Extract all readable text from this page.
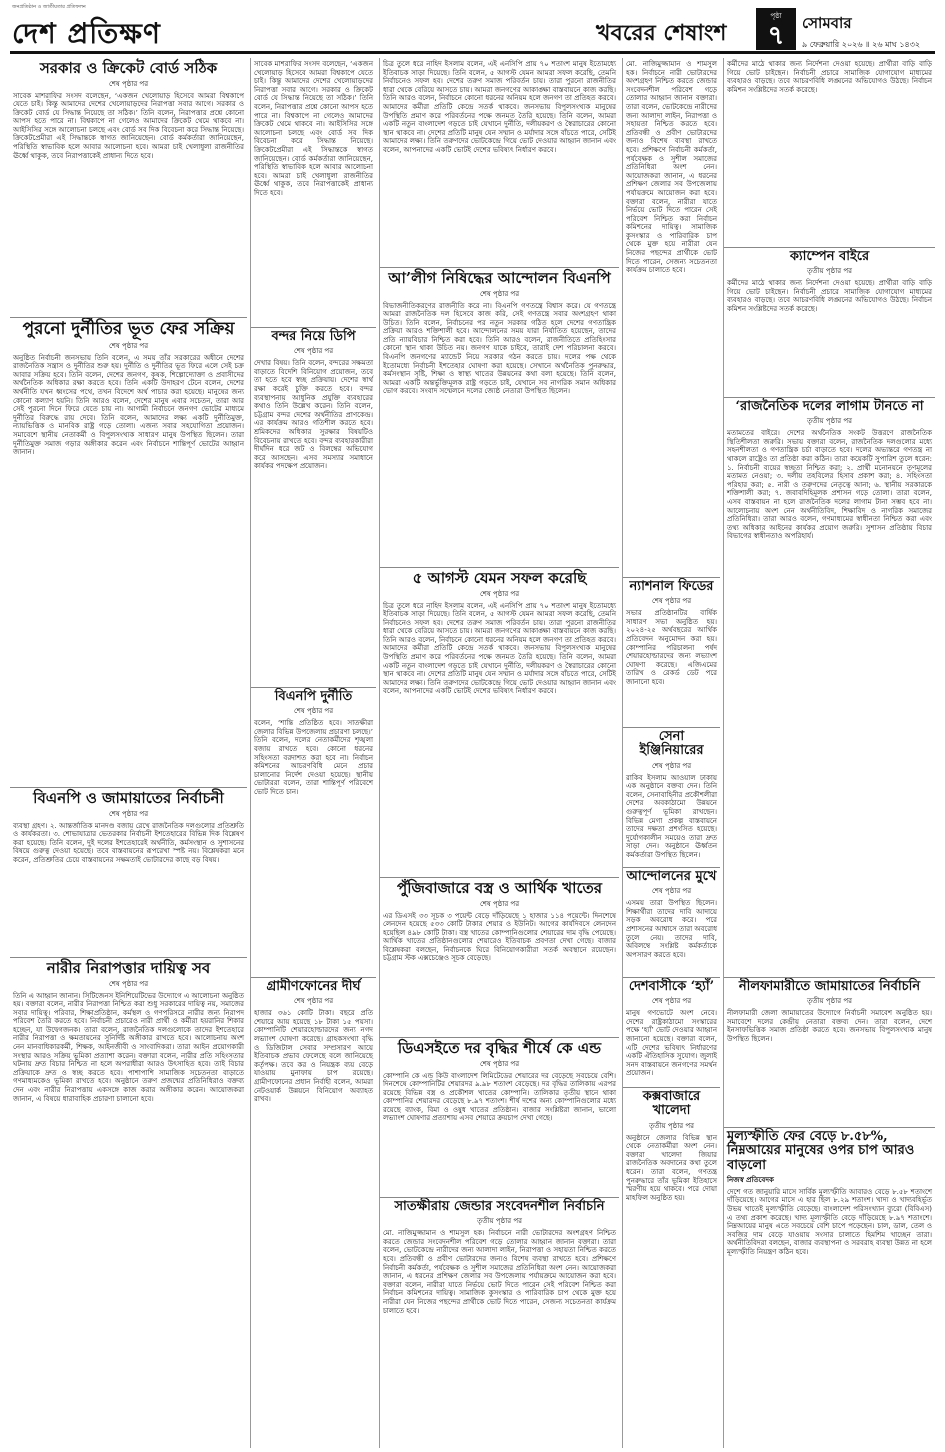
জনপ্রতিষ্ঠান ও জাতীয়তার প্রতিফলন
দেশ প্রতিক্ষণ	খবরের শেষাংশ
পৃষ্ঠা
৭	সোমবার
৯ ফেব্রুয়ারি ২০২৬ ॥ ২৬ মাঘ ১৪৩২
সরকার ও ক্রিকেট বোর্ড সঠিক
শেষ পৃষ্ঠার পর
সাবেক মাশরাফির সংসদ বলেছেন, ‘একজন খেলোয়াড় হিসেবে আমরা বিশ্বকাপে যেতে চাই। কিন্তু আমাদের দেশের খেলোয়াড়দের নিরাপত্তা সবার আগে। সরকার ও ক্রিকেট বোর্ড যে সিদ্ধান্ত নিয়েছে তা সঠিক।’ তিনি বলেন, নিরাপত্তার প্রশ্নে কোনো আপস হতে পারে না। বিশ্বকাপে না গেলেও আমাদের ক্রিকেট থেমে থাকবে না। আইসিসির সঙ্গে আলোচনা চলছে এবং বোর্ড সব দিক বিবেচনা করে সিদ্ধান্ত নিয়েছে। ক্রিকেটপ্রেমীরা এই সিদ্ধান্তকে স্বাগত জানিয়েছেন। বোর্ড কর্মকর্তারা জানিয়েছেন, পরিস্থিতি স্বাভাবিক হলে আবার আলোচনা হবে। আমরা চাই খেলাধুলা রাজনীতির ঊর্ধ্বে থাকুক, তবে নিরাপত্তাকেই প্রাধান্য দিতে হবে।
পুরনো দুর্নীতির ভূত ফের সক্রিয়
শেষ পৃষ্ঠার পর
অনুষ্ঠিত নির্বাচনী জনসভায় তিনি বলেন, এ সময় তাঁর সরকারের অধীনে দেশের রাজনৈতিক সন্ত্রাস ও দুর্নীতির শুরু হয়। দুর্নীতি ও দুর্নীতির ভূত ফিরে এলে সেই চক্র আবার সক্রিয় হবে। তিনি বলেন, দেশের জনগণ, কৃষক, শিল্পোদ্যোক্তা ও প্রবাসীদের অর্থনৈতিক অধিকার রক্ষা করতে হবে। তিনি একটি উদাহরণ টেনে বলেন, দেশের অর্থনীতি যখন ধ্বংসের পথে, তখন বিদেশে অর্থ পাচার করা হয়েছে। মানুষের জন্য কোনো কল্যাণ হয়নি। তিনি আরও বলেন, দেশের মানুষ এবার সচেতন, তারা আর সেই পুরনো দিনে ফিরে যেতে চায় না। আগামী নির্বাচনে জনগণ ভোটের মাধ্যমে দুর্নীতির বিরুদ্ধে রায় দেবে। তিনি বলেন, আমাদের লক্ষ্য একটি দুর্নীতিমুক্ত, ন্যায়ভিত্তিক ও মানবিক রাষ্ট্র গড়ে তোলা। এজন্য সবার সহযোগিতা প্রয়োজন। সমাবেশে স্থানীয় নেতাকর্মী ও বিপুলসংখ্যক সাধারণ মানুষ উপস্থিত ছিলেন। তারা দুর্নীতিমুক্ত সমাজ গড়ার অঙ্গীকার করেন এবং নির্বাচনে শান্তিপূর্ণ ভোটের আহ্বান জানান।
বিএনপি ও জামায়াতের নির্বাচনী
শেষ পৃষ্ঠার পর
ব্যবস্থা গ্রহণ। ২. আন্তর্জাতিক মানদণ্ড বজায় রেখে রাজনৈতিক দলগুলোর প্রতিশ্রুতি ও কার্যকরতা। ৩. শোভাযাত্রার ভেতরকার নির্বাচনী ইশতেহারের বিভিন্ন দিক বিশ্লেষণ করা হয়েছে। তিনি বলেন, দুই দলের ইশতেহারেই অর্থনীতি, কর্মসংস্থান ও সুশাসনের বিষয়ে গুরুত্ব দেওয়া হয়েছে। তবে বাস্তবায়নের রূপরেখা স্পষ্ট নয়। বিশ্লেষকরা মনে করেন, প্রতিশ্রুতির চেয়ে বাস্তবায়নের সক্ষমতাই ভোটারদের কাছে বড় বিষয়।
নারীর নিরাপত্তার দায়িত্ব সব
শেষ পৃষ্ঠার পর
তিনি এ আহ্বান জানান। সিটিজেনস ইনিশিয়েটিভের উদ্যোগে এ আলোচনা অনুষ্ঠিত হয়। বক্তারা বলেন, নারীর নিরাপত্তা নিশ্চিত করা শুধু সরকারের দায়িত্ব নয়, সমাজের সবার দায়িত্ব। পরিবার, শিক্ষাপ্রতিষ্ঠান, কর্মস্থল ও গণপরিসরে নারীর জন্য নিরাপদ পরিবেশ তৈরি করতে হবে। নির্বাচনী প্রচারেও নারী প্রার্থী ও কর্মীরা হয়রানির শিকার হচ্ছেন, যা উদ্বেগজনক। তারা বলেন, রাজনৈতিক দলগুলোকে তাদের ইশতেহারে নারীর নিরাপত্তা ও ক্ষমতায়নের সুনির্দিষ্ট অঙ্গীকার রাখতে হবে। আলোচনায় অংশ নেন মানবাধিকারকর্মী, শিক্ষক, আইনজীবী ও সাংবাদিকরা। তারা আইন প্রয়োগকারী সংস্থার আরও সক্রিয় ভূমিকা প্রত্যাশা করেন। বক্তারা বলেন, নারীর প্রতি সহিংসতার ঘটনায় দ্রুত বিচার নিশ্চিত না হলে অপরাধীরা আরও উৎসাহিত হবে। তাই বিচার প্রক্রিয়াকে দ্রুত ও স্বচ্ছ করতে হবে। পাশাপাশি সামাজিক সচেতনতা বাড়াতে গণমাধ্যমকেও ভূমিকা রাখতে হবে। অনুষ্ঠানে তরুণ প্রজন্মের প্রতিনিধিরাও বক্তব্য দেন এবং নারীর নিরাপত্তায় একসঙ্গে কাজ করার অঙ্গীকার করেন। আয়োজকরা জানান, এ বিষয়ে ধারাবাহিক প্রচারণা চালানো হবে।
সাবেক মাশরাফির সংসদ বলেছেন, ‘একজন খেলোয়াড় হিসেবে আমরা বিশ্বকাপে যেতে চাই। কিন্তু আমাদের দেশের খেলোয়াড়দের নিরাপত্তা সবার আগে। সরকার ও ক্রিকেট বোর্ড যে সিদ্ধান্ত নিয়েছে তা সঠিক।’ তিনি বলেন, নিরাপত্তার প্রশ্নে কোনো আপস হতে পারে না। বিশ্বকাপে না গেলেও আমাদের ক্রিকেট থেমে থাকবে না। আইসিসির সঙ্গে আলোচনা চলছে এবং বোর্ড সব দিক বিবেচনা করে সিদ্ধান্ত নিয়েছে। ক্রিকেটপ্রেমীরা এই সিদ্ধান্তকে স্বাগত জানিয়েছেন। বোর্ড কর্মকর্তারা জানিয়েছেন, পরিস্থিতি স্বাভাবিক হলে আবার আলোচনা হবে। আমরা চাই খেলাধুলা রাজনীতির ঊর্ধ্বে থাকুক, তবে নিরাপত্তাকেই প্রাধান্য দিতে হবে।
বন্দর নিয়ে ডিপি
শেষ পৃষ্ঠার পর
দেখার বিষয়। তিনি বলেন, বন্দরের সক্ষমতা বাড়াতে বিদেশি বিনিয়োগ প্রয়োজন, তবে তা হতে হবে স্বচ্ছ প্রক্রিয়ায়। দেশের স্বার্থ রক্ষা করেই চুক্তি করতে হবে। বন্দর ব্যবস্থাপনায় আধুনিক প্রযুক্তি ব্যবহারের কথাও তিনি উল্লেখ করেন। তিনি বলেন, চট্টগ্রাম বন্দর দেশের অর্থনীতির প্রাণকেন্দ্র। এর কার্যক্রম আরও গতিশীল করতে হবে। শ্রমিকদের অধিকার সুরক্ষার বিষয়টিও বিবেচনায় রাখতে হবে। বন্দর ব্যবহারকারীরা দীর্ঘদিন ধরে জট ও বিলম্বের অভিযোগ করে আসছেন। এসব সমস্যার সমাধানে কার্যকর পদক্ষেপ প্রয়োজন।
বিএনপি দুর্নীতি
শেষ পৃষ্ঠার পর
বলেন, ‘শান্তি প্রতিষ্ঠিত হবে। সাতক্ষীরা জেলার বিভিন্ন উপজেলায় প্রচারণা চলছে।’ তিনি বলেন, দলের নেতাকর্মীদের শৃঙ্খলা বজায় রাখতে হবে। কোনো ধরনের সহিংসতা বরদাশত করা হবে না। নির্বাচন কমিশনের আচরণবিধি মেনে প্রচার চালানোর নির্দেশ দেওয়া হয়েছে। স্থানীয় ভোটাররা বলেন, তারা শান্তিপূর্ণ পরিবেশে ভোট দিতে চান।
গ্রামীণফোনের দীর্ঘ
শেষ পৃষ্ঠার পর
হাজার ৩৬১ কোটি টাকা। বছরে প্রতি শেয়ারে আয় হয়েছে ১৮ টাকা ১৫ পয়সা। কোম্পানিটি শেয়ারহোল্ডারদের জন্য নগদ লভ্যাংশ ঘোষণা করেছে। গ্রাহকসংখ্যা বৃদ্ধি ও ডিজিটাল সেবার সম্প্রসারণ আয়ে ইতিবাচক প্রভাব ফেলেছে বলে জানিয়েছে কর্তৃপক্ষ। তবে কর ও নিয়ন্ত্রক ব্যয় বেড়ে যাওয়ায় মুনাফায় চাপ রয়েছে। গ্রামীণফোনের প্রধান নির্বাহী বলেন, আমরা নেটওয়ার্ক উন্নয়নে বিনিয়োগ অব্যাহত রাখব।
চিত্র তুলে ধরে নাহিদ ইসলাম বলেন, এই এনসিপি প্রায় ৭০ শতাংশ মানুষ ইতোমধ্যে ইতিবাচক সাড়া দিয়েছে। তিনি বলেন, ৫ আগস্ট যেমন আমরা সফল করেছি, তেমনি নির্বাচনেও সফল হব। দেশের তরুণ সমাজ পরিবর্তন চায়। তারা পুরনো রাজনীতির ধারা থেকে বেরিয়ে আসতে চায়। আমরা জনগণের আকাঙ্ক্ষা বাস্তবায়নে কাজ করছি। তিনি আরও বলেন, নির্বাচনে কোনো ধরনের অনিয়ম হলে জনগণ তা প্রতিহত করবে। আমাদের কর্মীরা প্রতিটি কেন্দ্রে সতর্ক থাকবে। জনসভায় বিপুলসংখ্যক মানুষের উপস্থিতি প্রমাণ করে পরিবর্তনের পক্ষে জনমত তৈরি হয়েছে। তিনি বলেন, আমরা একটি নতুন বাংলাদেশ গড়তে চাই যেখানে দুর্নীতি, দলীয়করণ ও স্বৈরাচারের কোনো স্থান থাকবে না। দেশের প্রতিটি মানুষ যেন সম্মান ও মর্যাদার সঙ্গে বাঁচতে পারে, সেটিই আমাদের লক্ষ্য। তিনি তরুণদের ভোটকেন্দ্রে গিয়ে ভোট দেওয়ার আহ্বান জানান এবং বলেন, আপনাদের একটি ভোটই দেশের ভবিষ্যৎ নির্ধারণ করবে।
আ’লীগ নিষিদ্ধের আন্দোলন বিএনপি
শেষ পৃষ্ঠার পর
বিভাজনীতিকরণের রাজনীতি করে না। বিএনপি গণতন্ত্রে বিশ্বাস করে। যে গণতন্ত্রে আমরা রাজনৈতিক দল হিসেবে কাজ করি, সেই গণতন্ত্রে সবার অংশগ্রহণ থাকা উচিত। তিনি বলেন, নির্বাচনের পর নতুন সরকার গঠিত হলে দেশের গণতান্ত্রিক প্রক্রিয়া আরও শক্তিশালী হবে। আন্দোলনের সময় যারা নির্যাতিত হয়েছেন, তাদের প্রতি ন্যায়বিচার নিশ্চিত করা হবে। তিনি আরও বলেন, রাজনীতিতে প্রতিহিংসার কোনো স্থান থাকা উচিত নয়। জনগণ যাকে চাইবে, তারাই দেশ পরিচালনা করবে। বিএনপি জনগণের ম্যান্ডেট নিয়ে সরকার গঠন করতে চায়। দলের পক্ষ থেকে ইতোমধ্যে নির্বাচনী ইশতেহার ঘোষণা করা হয়েছে। সেখানে অর্থনৈতিক পুনরুদ্ধার, কর্মসংস্থান সৃষ্টি, শিক্ষা ও স্বাস্থ্য খাতের উন্নয়নের কথা বলা হয়েছে। তিনি বলেন, আমরা একটি অন্তর্ভুক্তিমূলক রাষ্ট্র গড়তে চাই, যেখানে সব নাগরিক সমান অধিকার ভোগ করবে। সংবাদ সম্মেলনে দলের জ্যেষ্ঠ নেতারা উপস্থিত ছিলেন।
৫ আগস্ট যেমন সফল করেছি
শেষ পৃষ্ঠার পর
চিত্র তুলে ধরে নাহিদ ইসলাম বলেন, এই এনসিপি প্রায় ৭০ শতাংশ মানুষ ইতোমধ্যে ইতিবাচক সাড়া দিয়েছে। তিনি বলেন, ৫ আগস্ট যেমন আমরা সফল করেছি, তেমনি নির্বাচনেও সফল হব। দেশের তরুণ সমাজ পরিবর্তন চায়। তারা পুরনো রাজনীতির ধারা থেকে বেরিয়ে আসতে চায়। আমরা জনগণের আকাঙ্ক্ষা বাস্তবায়নে কাজ করছি। তিনি আরও বলেন, নির্বাচনে কোনো ধরনের অনিয়ম হলে জনগণ তা প্রতিহত করবে। আমাদের কর্মীরা প্রতিটি কেন্দ্রে সতর্ক থাকবে। জনসভায় বিপুলসংখ্যক মানুষের উপস্থিতি প্রমাণ করে পরিবর্তনের পক্ষে জনমত তৈরি হয়েছে। তিনি বলেন, আমরা একটি নতুন বাংলাদেশ গড়তে চাই যেখানে দুর্নীতি, দলীয়করণ ও স্বৈরাচারের কোনো স্থান থাকবে না। দেশের প্রতিটি মানুষ যেন সম্মান ও মর্যাদার সঙ্গে বাঁচতে পারে, সেটিই আমাদের লক্ষ্য। তিনি তরুণদের ভোটকেন্দ্রে গিয়ে ভোট দেওয়ার আহ্বান জানান এবং বলেন, আপনাদের একটি ভোটই দেশের ভবিষ্যৎ নির্ধারণ করবে।
পুঁজিবাজারে বস্ত্র ও আর্থিক খাতের
শেষ পৃষ্ঠার পর
এর ডিএসই ৩৩ সূচক ৩ পয়েন্ট বেড়ে দাঁড়িয়েছে ১ হাজার ১১৪ পয়েন্টে। দিনশেষে লেনদেন হয়েছে ৫৩৩ কোটি টাকার শেয়ার ও ইউনিট। আগের কার্যদিবসে লেনদেন হয়েছিল ৪৯৮ কোটি টাকা। বস্ত্র খাতের কোম্পানিগুলোর শেয়ারের দাম বৃদ্ধি পেয়েছে। আর্থিক খাতের প্রতিষ্ঠানগুলোর শেয়ারেও ইতিবাচক প্রবণতা দেখা গেছে। বাজার বিশ্লেষকরা বলছেন, নির্বাচনকে ঘিরে বিনিয়োগকারীরা সতর্ক অবস্থানে রয়েছেন। চট্টগ্রাম স্টক এক্সচেঞ্জেও সূচক বেড়েছে।
ডিএসইতে দর বৃদ্ধির শীর্ষে কে এন্ড
শেষ পৃষ্ঠার পর
কোম্পানি কে এন্ড কিউ বাংলাদেশ লিমিটেডের শেয়ারের দর বেড়েছে সবচেয়ে বেশি। দিনশেষে কোম্পানিটির শেয়ারদর ৯.৯৮ শতাংশ বেড়েছে। দর বৃদ্ধির তালিকায় এরপর রয়েছে বিভিন্ন বস্ত্র ও প্রকৌশল খাতের কোম্পানি। তালিকার তৃতীয় স্থানে থাকা কোম্পানির শেয়ারদর বেড়েছে ৮.৯৭ শতাংশ। শীর্ষ দশের অন্য কোম্পানিগুলোর মধ্যে রয়েছে ব্যাংক, বিমা ও ওষুধ খাতের প্রতিষ্ঠান। বাজার সংশ্লিষ্টরা জানান, ভালো লভ্যাংশ ঘোষণার প্রত্যাশায় এসব শেয়ারে ক্রয়চাপ দেখা গেছে।
সাতক্ষীরায় জেন্ডার সংবেদনশীল নির্বাচনি
তৃতীয় পৃষ্ঠার পর
মো. নাজিমুজ্জামান ও শামসুল হক। নির্বাচনে নারী ভোটারদের অংশগ্রহণ নিশ্চিত করতে জেন্ডার সংবেদনশীল পরিবেশ গড়ে তোলার আহ্বান জানান বক্তারা। তারা বলেন, ভোটকেন্দ্রে নারীদের জন্য আলাদা লাইন, নিরাপত্তা ও সহায়তা নিশ্চিত করতে হবে। প্রতিবন্ধী ও প্রবীণ ভোটারদের জন্যও বিশেষ ব্যবস্থা রাখতে হবে। প্রশিক্ষণে নির্বাচনী কর্মকর্তা, পর্যবেক্ষক ও সুশীল সমাজের প্রতিনিধিরা অংশ নেন। আয়োজকরা জানান, এ ধরনের প্রশিক্ষণ জেলার সব উপজেলায় পর্যায়ক্রমে আয়োজন করা হবে। বক্তারা বলেন, নারীরা যাতে নির্ভয়ে ভোট দিতে পারেন সেই পরিবেশ নিশ্চিত করা নির্বাচন কমিশনের দায়িত্ব। সামাজিক কুসংস্কার ও পারিবারিক চাপ থেকে মুক্ত হয়ে নারীরা যেন নিজের পছন্দের প্রার্থীকে ভোট দিতে পারেন, সেজন্য সচেতনতা কার্যক্রম চালাতে হবে।
মো. নাজিমুজ্জামান ও শামসুল হক। নির্বাচনে নারী ভোটারদের অংশগ্রহণ নিশ্চিত করতে জেন্ডার সংবেদনশীল পরিবেশ গড়ে তোলার আহ্বান জানান বক্তারা। তারা বলেন, ভোটকেন্দ্রে নারীদের জন্য আলাদা লাইন, নিরাপত্তা ও সহায়তা নিশ্চিত করতে হবে। প্রতিবন্ধী ও প্রবীণ ভোটারদের জন্যও বিশেষ ব্যবস্থা রাখতে হবে। প্রশিক্ষণে নির্বাচনী কর্মকর্তা, পর্যবেক্ষক ও সুশীল সমাজের প্রতিনিধিরা অংশ নেন। আয়োজকরা জানান, এ ধরনের প্রশিক্ষণ জেলার সব উপজেলায় পর্যায়ক্রমে আয়োজন করা হবে। বক্তারা বলেন, নারীরা যাতে নির্ভয়ে ভোট দিতে পারেন সেই পরিবেশ নিশ্চিত করা নির্বাচন কমিশনের দায়িত্ব। সামাজিক কুসংস্কার ও পারিবারিক চাপ থেকে মুক্ত হয়ে নারীরা যেন নিজের পছন্দের প্রার্থীকে ভোট দিতে পারেন, সেজন্য সচেতনতা কার্যক্রম চালাতে হবে।
ন্যাশনাল ফিডের
শেষ পৃষ্ঠার পর
সভার প্রতিষ্ঠানটির বার্ষিক সাধারণ সভা অনুষ্ঠিত হয়। ২০২৪-২৫ অর্থবছরের আর্থিক প্রতিবেদন অনুমোদন করা হয়। কোম্পানির পরিচালনা পর্ষদ শেয়ারহোল্ডারদের জন্য লভ্যাংশ ঘোষণা করেছে। এজিএমের তারিখ ও রেকর্ড ডেট পরে জানানো হবে।
সেনা ইঞ্জিনিয়ারের
শেষ পৃষ্ঠার পর
রাকিব ইসলাম আওয়াল ঢাকায় এক অনুষ্ঠানে বক্তব্য দেন। তিনি বলেন, সেনাবাহিনীর প্রকৌশলীরা দেশের অবকাঠামো উন্নয়নে গুরুত্বপূর্ণ ভূমিকা রাখছেন। বিভিন্ন মেগা প্রকল্প বাস্তবায়নে তাদের দক্ষতা প্রশংসিত হয়েছে। দুর্যোগকালীন সময়েও তারা দ্রুত সাড়া দেন। অনুষ্ঠানে ঊর্ধ্বতন কর্মকর্তারা উপস্থিত ছিলেন।
আন্দোলনের মুখে
শেষ পৃষ্ঠার পর
এসময় তারা উপস্থিত ছিলেন। শিক্ষার্থীরা তাদের দাবি আদায়ে সড়ক অবরোধ করে। পরে প্রশাসনের আশ্বাসে তারা অবরোধ তুলে নেয়। তাদের দাবি, অবিলম্বে সংশ্লিষ্ট কর্মকর্তাকে অপসারণ করতে হবে।
দেশবাসীকে ‘হ্যাঁ’
শেষ পৃষ্ঠার পর
মানুষ গণভোটে অংশ নেবে। দেশের রাষ্ট্রকাঠামো সংস্কারের পক্ষে ‘হ্যাঁ’ ভোট দেওয়ার আহ্বান জানানো হয়েছে। বক্তারা বলেন, এটি দেশের ভবিষ্যৎ নির্ধারণের একটি ঐতিহাসিক সুযোগ। জুলাই সনদ বাস্তবায়নে জনগণের সমর্থন প্রয়োজন।
কক্সবাজারে খালেদা
তৃতীয় পৃষ্ঠার পর
অনুষ্ঠানে জেলার বিভিন্ন স্থান থেকে নেতাকর্মীরা অংশ নেন। বক্তারা খালেদা জিয়ার রাজনৈতিক অবদানের কথা তুলে ধরেন। তারা বলেন, গণতন্ত্র পুনরুদ্ধারে তাঁর ভূমিকা ইতিহাসে স্মরণীয় হয়ে থাকবে। পরে দোয়া মাহফিল অনুষ্ঠিত হয়।
কর্মীদের মাঠে থাকার জন্য নির্দেশনা দেওয়া হয়েছে। প্রার্থীরা বাড়ি বাড়ি গিয়ে ভোট চাইছেন। নির্বাচনী প্রচারে সামাজিক যোগাযোগ মাধ্যমের ব্যবহারও বাড়ছে। তবে আচরণবিধি লঙ্ঘনের অভিযোগও উঠছে। নির্বাচন কমিশন সংশ্লিষ্টদের সতর্ক করেছে।
ক্যাম্পেন বাইরে
তৃতীয় পৃষ্ঠার পর
কর্মীদের মাঠে থাকার জন্য নির্দেশনা দেওয়া হয়েছে। প্রার্থীরা বাড়ি বাড়ি গিয়ে ভোট চাইছেন। নির্বাচনী প্রচারে সামাজিক যোগাযোগ মাধ্যমের ব্যবহারও বাড়ছে। তবে আচরণবিধি লঙ্ঘনের অভিযোগও উঠছে। নির্বাচন কমিশন সংশ্লিষ্টদের সতর্ক করেছে।
‘রাজনৈতিক দলের লাগাম টানতে না
তৃতীয় পৃষ্ঠার পর
মতামতের বাইরে। দেশের অর্থনৈতিক সংকট উত্তরণে রাজনৈতিক স্থিতিশীলতা জরুরি। সভায় বক্তারা বলেন, রাজনৈতিক দলগুলোর মধ্যে সহনশীলতা ও গণতান্ত্রিক চর্চা বাড়াতে হবে। দলের অভ্যন্তরে গণতন্ত্র না থাকলে রাষ্ট্রেও তা প্রতিষ্ঠা করা কঠিন। তারা কয়েকটি সুপারিশ তুলে ধরেন: ১. নির্বাচনী ব্যয়ের স্বচ্ছতা নিশ্চিত করা; ২. প্রার্থী মনোনয়নে তৃণমূলের মতামত নেওয়া; ৩. দলীয় তহবিলের হিসাব প্রকাশ করা; ৪. সহিংসতা পরিহার করা; ৫. নারী ও তরুণদের নেতৃত্বে আনা; ৬. স্থানীয় সরকারকে শক্তিশালী করা; ৭. জবাবদিহিমূলক প্রশাসন গড়ে তোলা। তারা বলেন, এসব বাস্তবায়ন না হলে রাজনৈতিক দলের লাগাম টানা সম্ভব হবে না। আলোচনায় অংশ নেন অর্থনীতিবিদ, শিক্ষাবিদ ও নাগরিক সমাজের প্রতিনিধিরা। তারা আরও বলেন, গণমাধ্যমের স্বাধীনতা নিশ্চিত করা এবং তথ্য অধিকার আইনের কার্যকর প্রয়োগ জরুরি। সুশাসন প্রতিষ্ঠায় বিচার বিভাগের স্বাধীনতাও অপরিহার্য।
নীলফামারীতে জামায়াতের নির্বাচনি
তৃতীয় পৃষ্ঠার পর
নীলফামারী জেলা জামায়াতের উদ্যোগে নির্বাচনী সমাবেশ অনুষ্ঠিত হয়। সমাবেশে দলের কেন্দ্রীয় নেতারা বক্তব্য দেন। তারা বলেন, দেশে ইনসাফভিত্তিক সমাজ প্রতিষ্ঠা করতে হবে। জনসভায় বিপুলসংখ্যক মানুষ উপস্থিত ছিলেন।
মূল্যস্ফীতি ফের বেড়ে ৮.৫৮%, নিম্নআয়ের মানুষের ওপর চাপ আরও বাড়লো
নিজস্ব প্রতিবেদক
দেশে গত জানুয়ারি মাসে সার্বিক মূল্যস্ফীতি আবারও বেড়ে ৮.৫৮ শতাংশে দাঁড়িয়েছে। আগের মাসে এ হার ছিল ৮.২৯ শতাংশ। খাদ্য ও খাদ্যবহির্ভূত উভয় খাতেই মূল্যস্ফীতি বেড়েছে। বাংলাদেশ পরিসংখ্যান ব্যুরো (বিবিএস) এ তথ্য প্রকাশ করেছে। খাদ্য মূল্যস্ফীতি বেড়ে দাঁড়িয়েছে ৮.৯৭ শতাংশে। নিম্নআয়ের মানুষ এতে সবচেয়ে বেশি চাপে পড়েছেন। চাল, ডাল, তেল ও সবজির দাম বেড়ে যাওয়ায় সংসার চালাতে হিমশিম খাচ্ছেন তারা। অর্থনীতিবিদরা বলছেন, বাজার ব্যবস্থাপনা ও সরবরাহ ব্যবস্থা উন্নত না হলে মূল্যস্ফীতি নিয়ন্ত্রণ কঠিন হবে।
